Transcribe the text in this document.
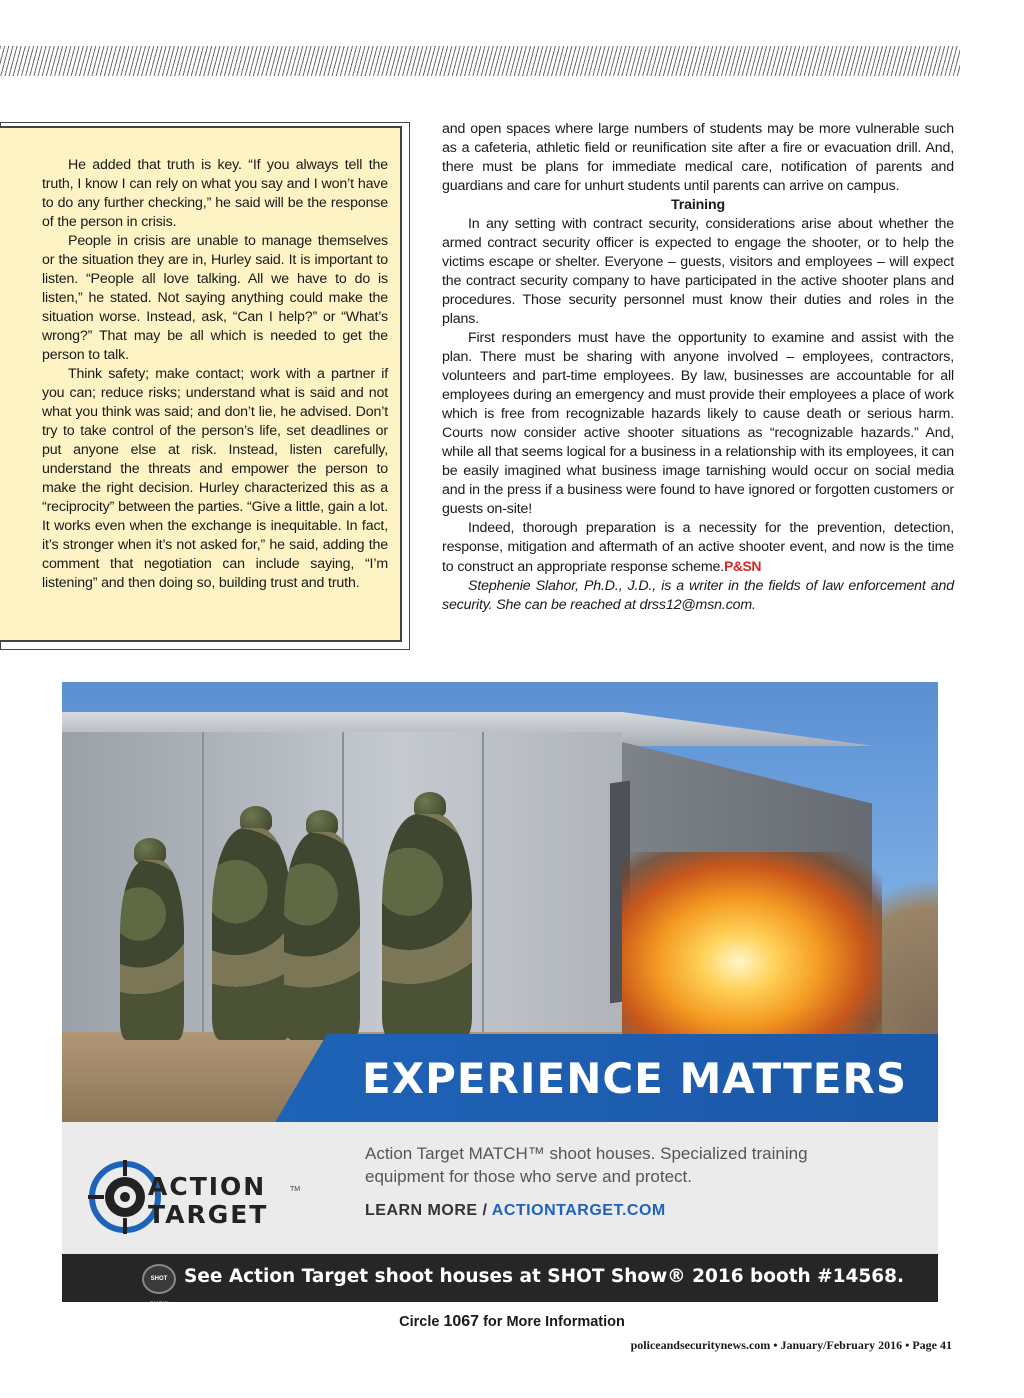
He added that truth is key. “If you always tell the truth, I know I can rely on what you say and I won’t have to do any further checking,” he said will be the response of the person in crisis.

People in crisis are unable to manage themselves or the situation they are in, Hurley said. It is important to listen. “People all love talking. All we have to do is listen,” he stated. Not saying anything could make the situation worse. Instead, ask, “Can I help?” or “What’s wrong?” That may be all which is needed to get the person to talk.

Think safety; make contact; work with a partner if you can; reduce risks; understand what is said and not what you think was said; and don’t lie, he advised. Don’t try to take control of the person’s life, set deadlines or put anyone else at risk. Instead, listen carefully, understand the threats and empower the person to make the right decision. Hurley characterized this as a “reciprocity” between the parties. “Give a little, gain a lot. It works even when the exchange is inequitable. In fact, it’s stronger when it’s not asked for,” he said, adding the comment that negotiation can include saying, “I’m listening” and then doing so, building trust and truth.

and open spaces where large numbers of students may be more vulnerable such as a cafeteria, athletic field or reunification site after a fire or evacuation drill. And, there must be plans for immediate medical care, notification of parents and guardians and care for unhurt students until parents can arrive on campus.

Training

In any setting with contract security, considerations arise about whether the armed contract security officer is expected to engage the shooter, or to help the victims escape or shelter. Everyone – guests, visitors and employees – will expect the contract security company to have participated in the active shooter plans and procedures. Those security personnel must know their duties and roles in the plans.

First responders must have the opportunity to examine and assist with the plan. There must be sharing with anyone involved – employees, contractors, volunteers and part-time employees. By law, businesses are accountable for all employees during an emergency and must provide their employees a place of work which is free from recognizable hazards likely to cause death or serious harm. Courts now consider active shooter situations as “recognizable hazards.” And, while all that seems logical for a business in a relationship with its employees, it can be easily imagined what business image tarnishing would occur on social media and in the press if a business were found to have ignored or forgotten customers or guests on-site!

Indeed, thorough preparation is a necessity for the prevention, detection, response, mitigation and aftermath of an active shooter event, and now is the time to construct an appropriate response scheme.P&SN

Stephenie Slahor, Ph.D., J.D., is a writer in the fields of law enforcement and security. She can be reached at drss12@msn.com.

EXPERIENCE MATTERS
ACTION
TARGET
TM
Action Target MATCH™ shoot houses. Specialized training equipment for those who serve and protect.
LEARN MORE / ACTIONTARGET.COM
SHOT SHOW
See Action Target shoot houses at SHOT Show® 2016 booth #14568.
Circle 1067 for More Information
policeandsecuritynews.com • January/February 2016 • Page 41
